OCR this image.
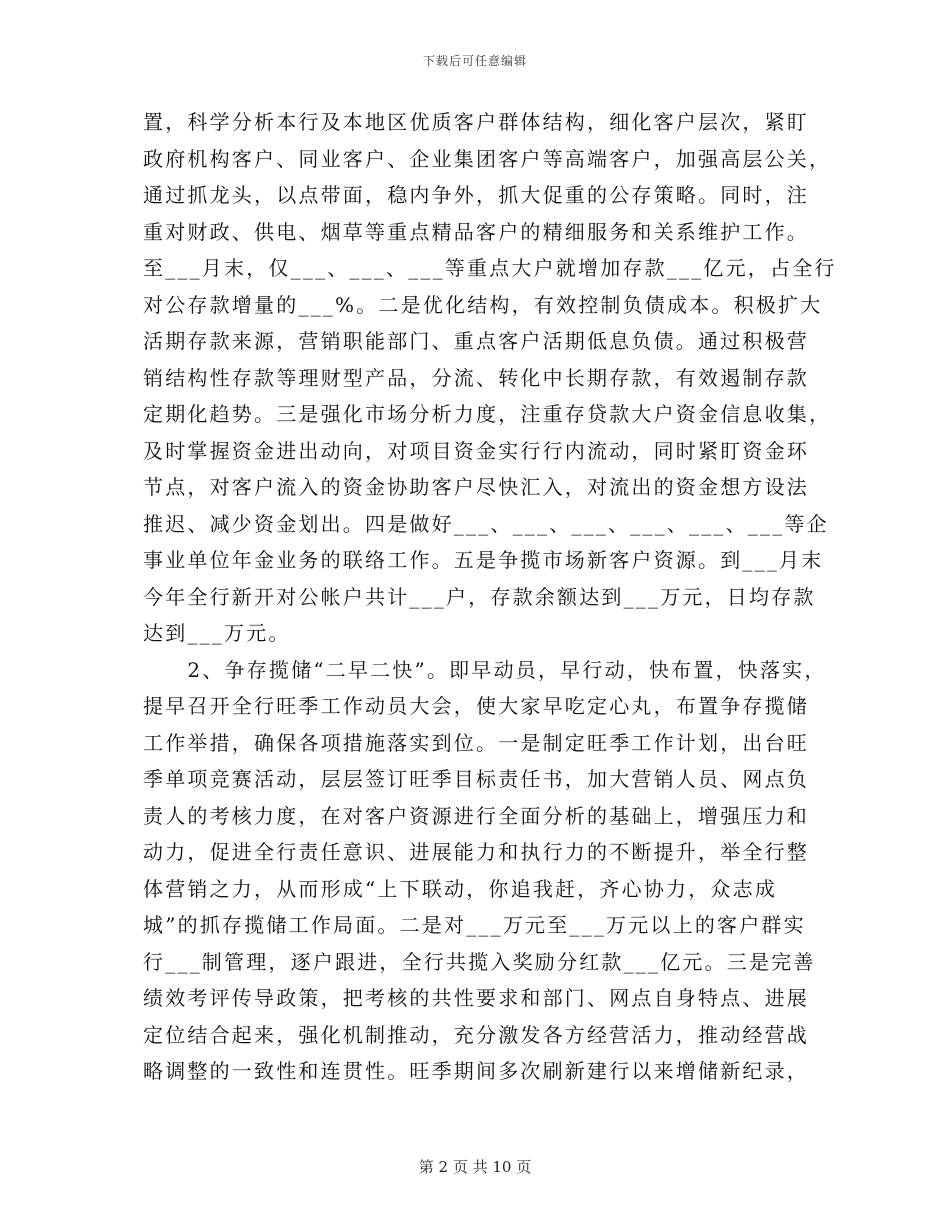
下载后可任意编辑
置，科学分析本行及本地区优质客户群体结构，细化客户层次，紧盯
政府机构客户、同业客户、企业集团客户等高端客户，加强高层公关，
通过抓龙头，以点带面，稳内争外，抓大促重的公存策略。同时，注
重对财政、供电、烟草等重点精品客户的精细服务和关系维护工作。
至___月末，仅___、___、___等重点大户就增加存款___亿元，占全行
对公存款增量的___%。二是优化结构，有效控制负债成本。积极扩大
活期存款来源，营销职能部门、重点客户活期低息负债。通过积极营
销结构性存款等理财型产品，分流、转化中长期存款，有效遏制存款
定期化趋势。三是强化市场分析力度，注重存贷款大户资金信息收集，
及时掌握资金进出动向，对项目资金实行行内流动，同时紧盯资金环
节点，对客户流入的资金协助客户尽快汇入，对流出的资金想方设法
推迟、减少资金划出。四是做好___、___、___、___、___、___等企
事业单位年金业务的联络工作。五是争揽市场新客户资源。到___月末
今年全行新开对公帐户共计___户，存款余额达到___万元，日均存款
达到___万元。
　　2、争存揽储“二早二快”。即早动员，早行动，快布置，快落实，
提早召开全行旺季工作动员大会，使大家早吃定心丸，布置争存揽储
工作举措，确保各项措施落实到位。一是制定旺季工作计划，出台旺
季单项竞赛活动，层层签订旺季目标责任书，加大营销人员、网点负
责人的考核力度，在对客户资源进行全面分析的基础上，增强压力和
动力，促进全行责任意识、进展能力和执行力的不断提升，举全行整
体营销之力，从而形成“上下联动，你追我赶，齐心协力，众志成
城”的抓存揽储工作局面。二是对___万元至___万元以上的客户群实
行___制管理，逐户跟进，全行共揽入奖励分红款___亿元。三是完善
绩效考评传导政策，把考核的共性要求和部门、网点自身特点、进展
定位结合起来，强化机制推动，充分激发各方经营活力，推动经营战
略调整的一致性和连贯性。旺季期间多次刷新建行以来增储新纪录，
第 2 页 共 10 页
